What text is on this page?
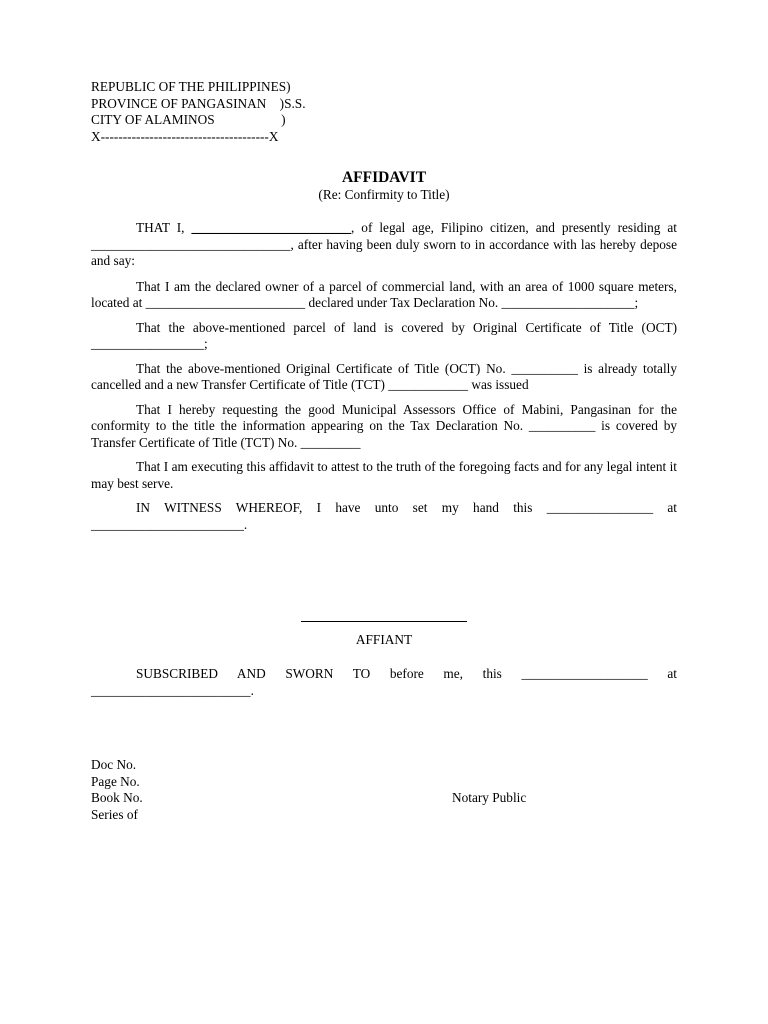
REPUBLIC OF THE PHILIPPINES)
PROVINCE OF PANGASINAN    )S.S.
CITY OF ALAMINOS                    )
X--------------------------------------X
AFFIDAVIT
(Re: Confirmity to Title)

THAT I, ________________________, of legal age, Filipino citizen, and presently residing at ______________________________, after having been duly sworn to in accordance with las hereby depose and say:

That I am the declared owner of a parcel of commercial land, with an area of 1000 square meters, located at ________________________ declared under Tax Declaration No. ____________________;

That the above-mentioned parcel of land is covered by Original Certificate of Title (OCT) _________________;

That the above-mentioned Original Certificate of Title (OCT) No. __________ is already totally cancelled and a new Transfer Certificate of Title (TCT) ____________ was issued

That I hereby requesting the good Municipal Assessors Office of Mabini, Pangasinan for the conformity to the title the information appearing on the Tax Declaration No. __________ is covered by Transfer Certificate of Title (TCT) No. _________

That I am executing this affidavit to attest to the truth of the foregoing facts and for any legal intent it may best serve.

IN WITNESS WHEREOF, I have unto set my hand this ________________ at _______________________.

AFFIANT

SUBSCRIBED AND SWORN TO before me, this ___________________ at ________________________.

Doc No.
Page No.
Book No.
Series of
Notary Public
